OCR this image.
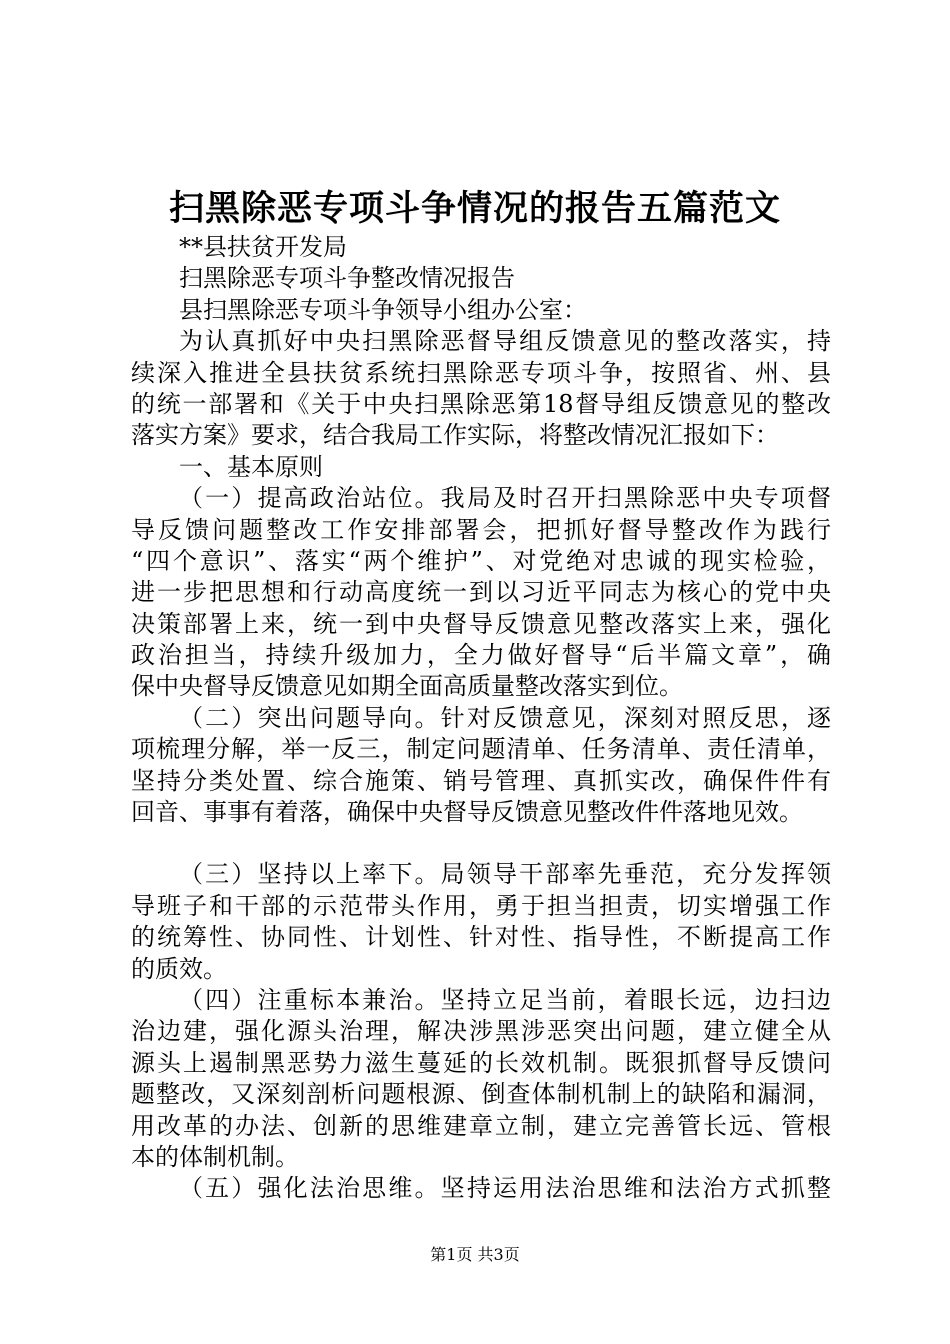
扫黑除恶专项斗争情况的报告五篇范文
**县扶贫开发局
扫黑除恶专项斗争整改情况报告
县扫黑除恶专项斗争领导小组办公室：
为认真抓好中央扫黑除恶督导组反馈意见的整改落实，持
续深入推进全县扶贫系统扫黑除恶专项斗争，按照省、州、县
的统一部署和《关于中央扫黑除恶第18督导组反馈意见的整改
落实方案》要求，结合我局工作实际，将整改情况汇报如下：
一、基本原则
（一）提高政治站位。我局及时召开扫黑除恶中央专项督
导反馈问题整改工作安排部署会，把抓好督导整改作为践行
“四个意识”、落实“两个维护”、对党绝对忠诚的现实检验，
进一步把思想和行动高度统一到以习近平同志为核心的党中央
决策部署上来，统一到中央督导反馈意见整改落实上来，强化
政治担当，持续升级加力，全力做好督导“后半篇文章”，确
保中央督导反馈意见如期全面高质量整改落实到位。
（二）突出问题导向。针对反馈意见，深刻对照反思，逐
项梳理分解，举一反三，制定问题清单、任务清单、责任清单，
坚持分类处置、综合施策、销号管理、真抓实改，确保件件有
回音、事事有着落，确保中央督导反馈意见整改件件落地见效。
（三）坚持以上率下。局领导干部率先垂范，充分发挥领
导班子和干部的示范带头作用，勇于担当担责，切实增强工作
的统筹性、协同性、计划性、针对性、指导性，不断提高工作
的质效。
（四）注重标本兼治。坚持立足当前，着眼长远，边扫边
治边建，强化源头治理，解决涉黑涉恶突出问题，建立健全从
源头上遏制黑恶势力滋生蔓延的长效机制。既狠抓督导反馈问
题整改，又深刻剖析问题根源、倒查体制机制上的缺陷和漏洞，
用改革的办法、创新的思维建章立制，建立完善管长远、管根
本的体制机制。
（五）强化法治思维。坚持运用法治思维和法治方式抓整
第1页 共3页
